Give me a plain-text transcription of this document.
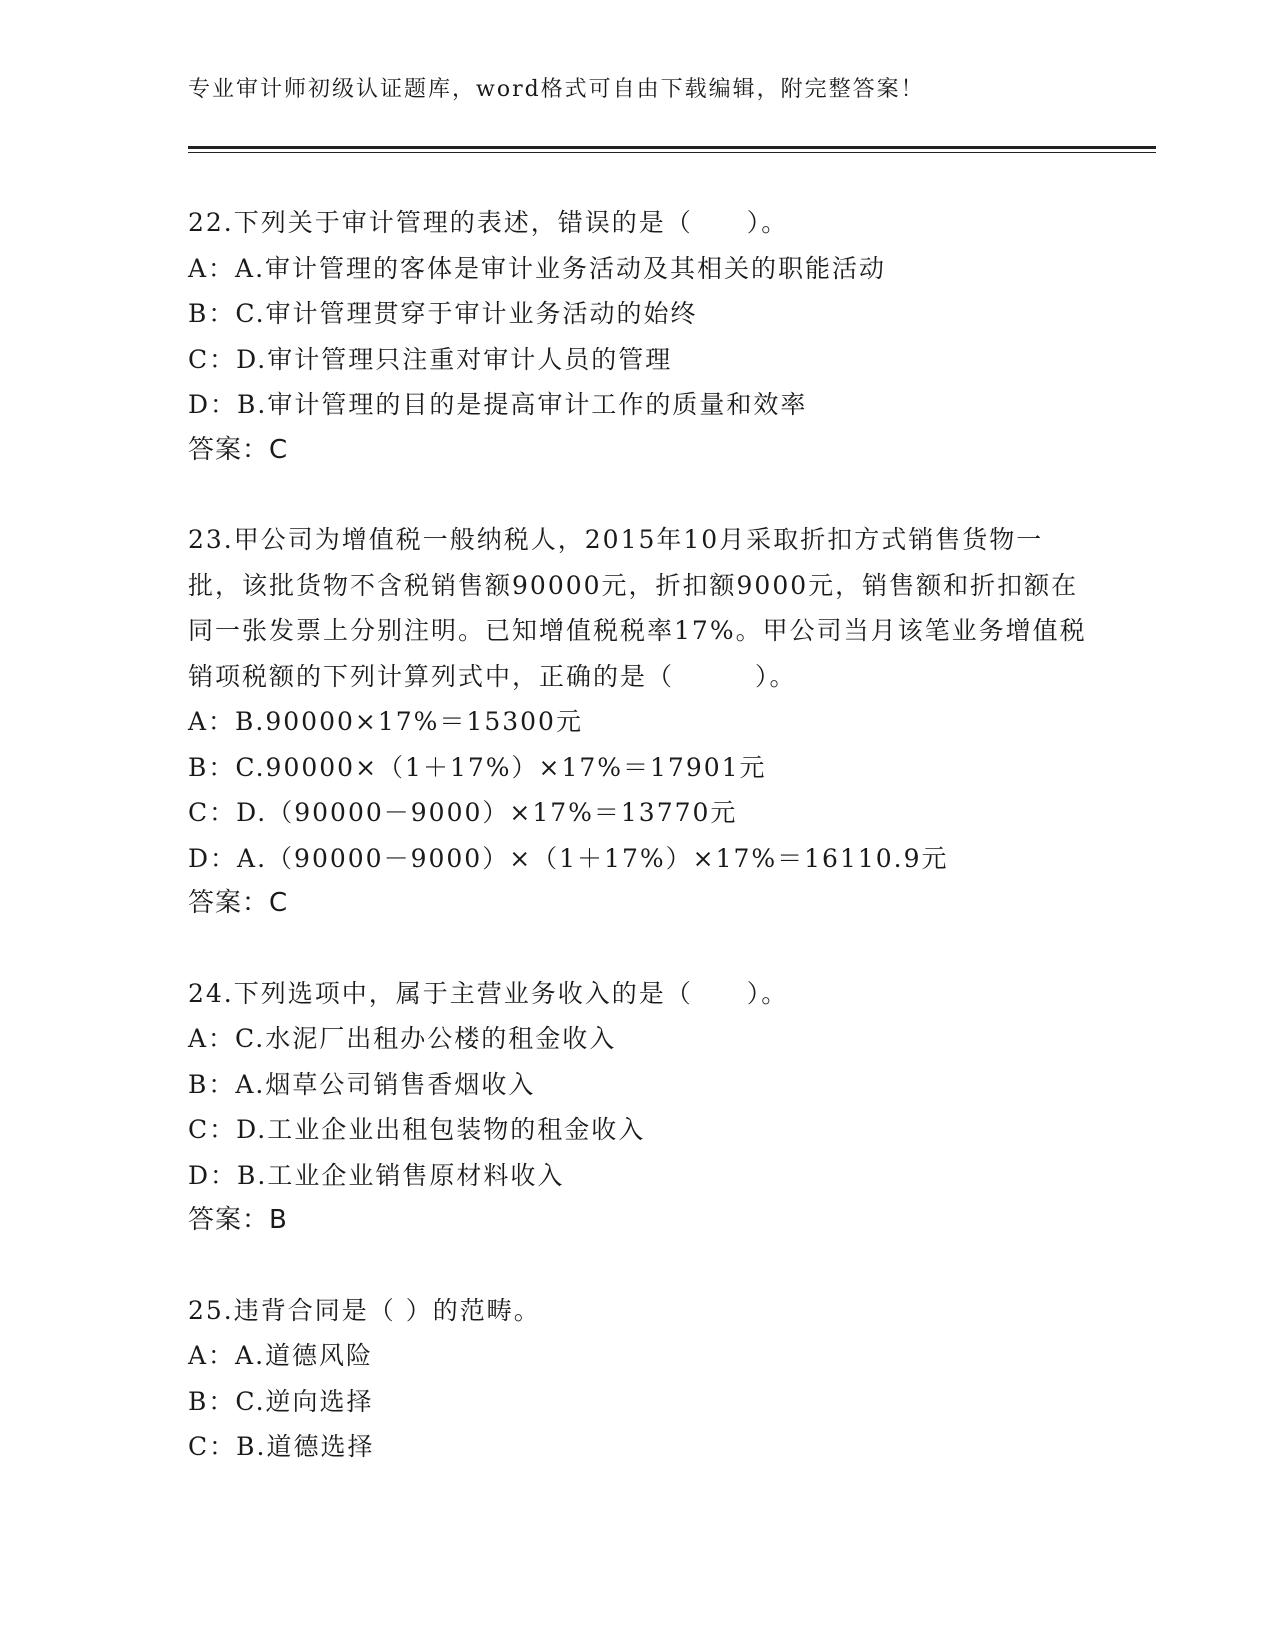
专业审计师初级认证题库，word格式可自由下载编辑，附完整答案！
22.下列关于审计管理的表述，错误的是（　　）。
A：A.审计管理的客体是审计业务活动及其相关的职能活动
B：C.审计管理贯穿于审计业务活动的始终
C：D.审计管理只注重对审计人员的管理
D：B.审计管理的目的是提高审计工作的质量和效率
答案：C
23.甲公司为增值税一般纳税人，2015年10月采取折扣方式销售货物一批，该批货物不含税销售额90000元，折扣额9000元，销售额和折扣额在同一张发票上分别注明。已知增值税税率17%。甲公司当月该笔业务增值税销项税额的下列计算列式中，正确的是（　　　）。
A：B.90000×17%＝15300元
B：C.90000×（1＋17%）×17%＝17901元
C：D.（90000－9000）×17%＝13770元
D：A.（90000－9000）×（1＋17%）×17%＝16110.9元
答案：C
24.下列选项中，属于主营业务收入的是（　　）。
A：C.水泥厂出租办公楼的租金收入
B：A.烟草公司销售香烟收入
C：D.工业企业出租包装物的租金收入
D：B.工业企业销售原材料收入
答案：B
25.违背合同是（ ）的范畴。
A：A.道德风险
B：C.逆向选择
C：B.道德选择
